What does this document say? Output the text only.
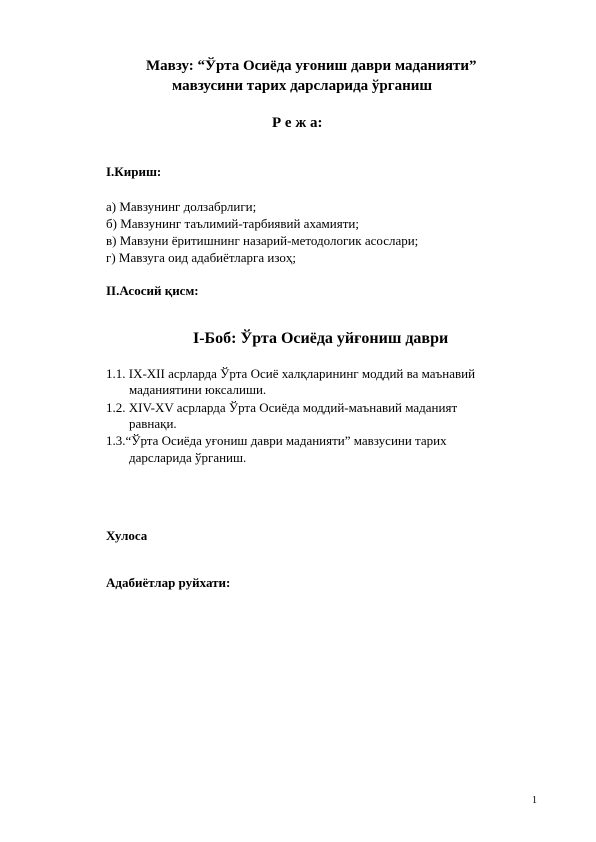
Мавзу: “Ўрта Осиёда уғониш даври маданияти”
мавзусини тарих дарсларида ўрганиш
Р е ж а:
I.Кириш:
а) Мавзунинг долзабрлиги;
б) Мавзунинг таълимий-тарбиявий ахамияти;
в) Мавзуни ёритишнинг назарий-методологик асослари;
г) Мавзуга оид адабиётларга изоҳ;
II.Асосий қисм:
I-Боб: Ўрта Осиёда уйғониш даври
1.1. IX-XII асрларда Ўрта Осиё халқларининг моддий ва маънавий
маданиятини юксалиши.
1.2. XIV-XV асрларда Ўрта Осиёда моддий-маънавий маданият
равнақи.
1.3.“Ўрта Осиёда уғониш даври маданияти” мавзусини тарих
дарсларида ўрганиш.
Хулоса
Адабиётлар руйхати:
1
